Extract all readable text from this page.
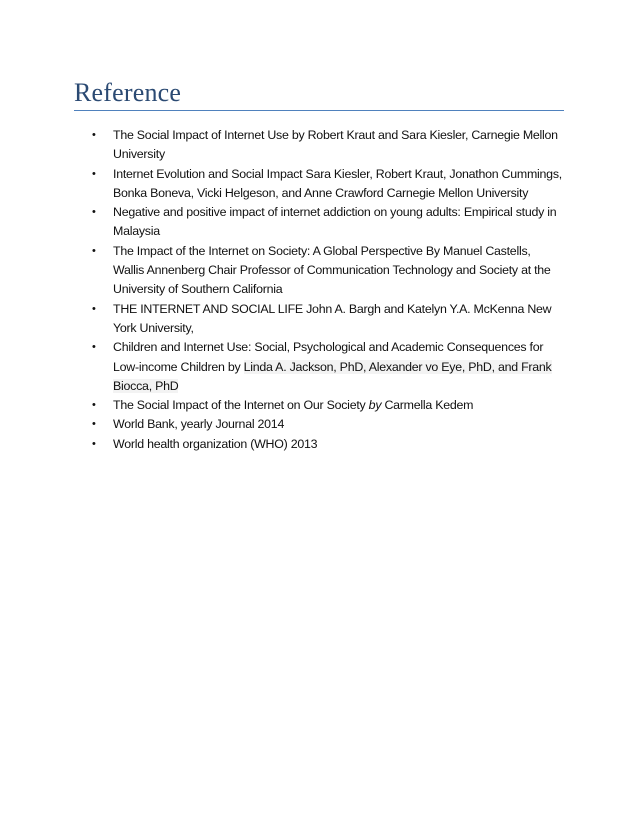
Reference
• The Social Impact of Internet Use by Robert Kraut and Sara Kiesler, Carnegie Mellon University
• Internet Evolution and Social Impact Sara Kiesler, Robert Kraut, Jonathon Cummings, Bonka Boneva, Vicki Helgeson, and Anne Crawford Carnegie Mellon University
• Negative and positive impact of internet addiction on young adults: Empirical study in Malaysia
• The Impact of the Internet on Society: A Global Perspective By Manuel Castells, Wallis Annenberg Chair Professor of Communication Technology and Society at the University of Southern California
• THE INTERNET AND SOCIAL LIFE John A. Bargh and Katelyn Y.A. McKenna New York University,
• Children and Internet Use: Social, Psychological and Academic Consequences for Low-income Children by Linda A. Jackson, PhD, Alexander vo Eye, PhD, and Frank Biocca, PhD
• The Social Impact of the Internet on Our Society by Carmella Kedem
• World Bank, yearly Journal 2014
• World health organization (WHO) 2013
